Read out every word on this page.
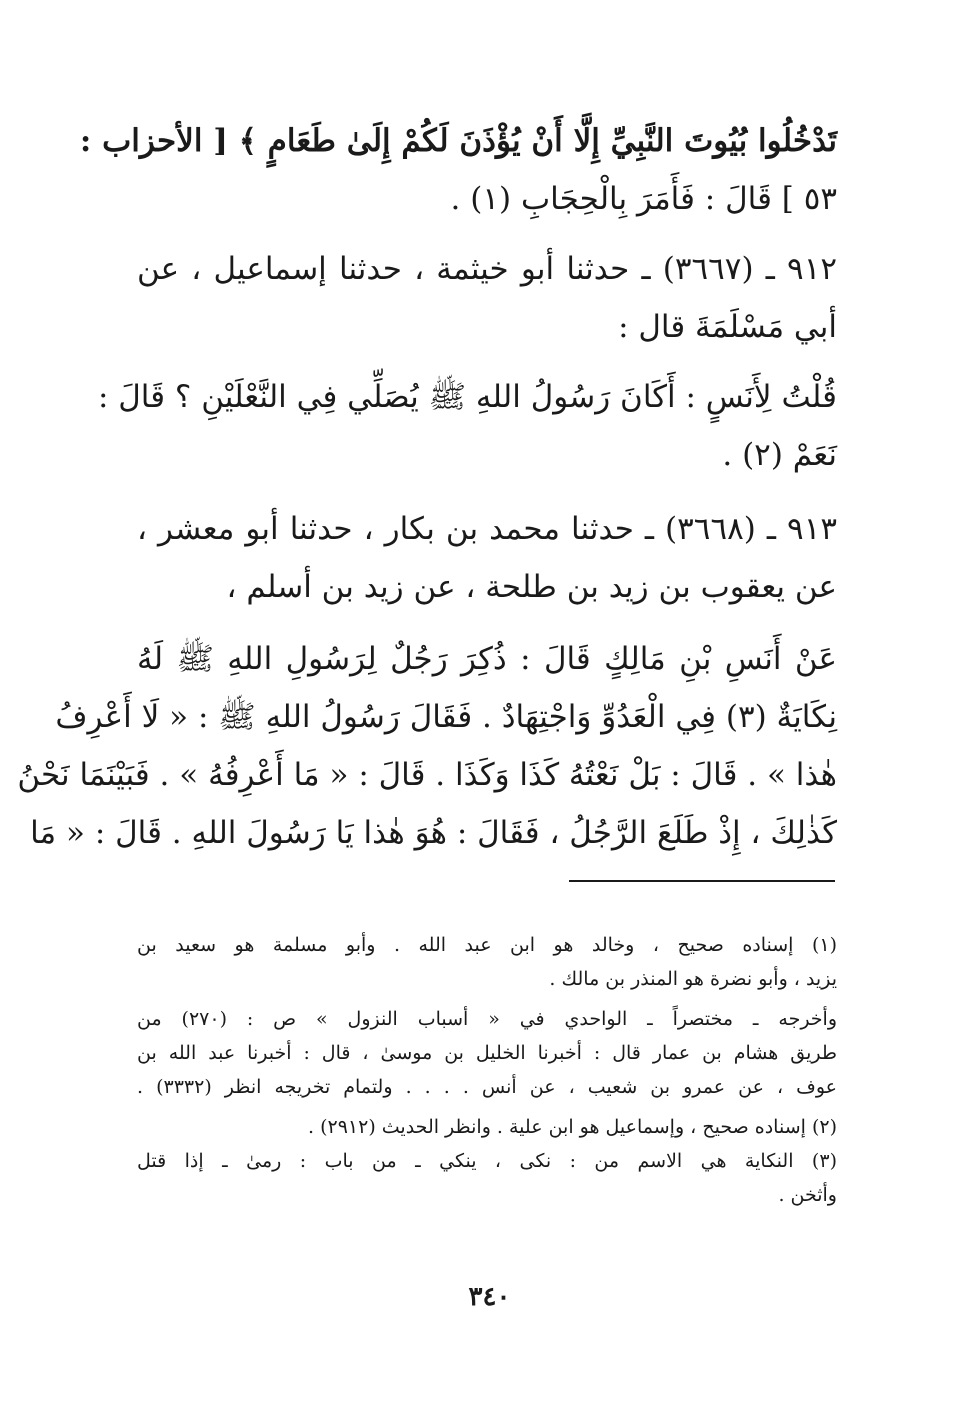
تَدْخُلُوا بُيُوتَ النَّبِيِّ إِلَّا أَنْ يُؤْذَنَ لَكُمْ إِلَىٰ طَعَامٍ ﴾ [ الأحزاب :
٥٣ ] قَالَ : فَأَمَرَ بِالْحِجَابِ (١) .
٩١٢ ـ (٣٦٦٧) ـ حدثنا أبو خيثمة ، حدثنا إسماعيل ، عن
أبي مَسْلَمَةَ قال :
قُلْتُ لِأَنَسٍ : أَكَانَ رَسُولُ اللهِ ﷺ يُصَلِّي فِي النَّعْلَيْنِ ؟ قَالَ :
نَعَمْ (٢) .
٩١٣ ـ (٣٦٦٨) ـ حدثنا محمد بن بكار ، حدثنا أبو معشر ،
عن يعقوب بن زيد بن طلحة ، عن زيد بن أسلم ،
عَنْ أَنَسِ بْنِ مَالِكٍ قَالَ : ذُكِرَ رَجُلٌ لِرَسُولِ اللهِ ﷺ لَهُ
نِكَايَةٌ (٣) فِي الْعَدُوِّ وَاجْتِهَادٌ . فَقَالَ رَسُولُ اللهِ ﷺ : « لَا أَعْرِفُ
هٰذا » . قَالَ : بَلْ نَعْتُهُ كَذَا وَكَذَا . قَالَ : « مَا أَعْرِفُهُ » . فَبَيْنَمَا نَحْنُ
كَذٰلِكَ ، إِذْ طَلَعَ الرَّجُلُ ، فَقَالَ : هُوَ هٰذا يَا رَسُولَ اللهِ . قَالَ : « مَا
(١) إسناده صحيح ، وخالد هو ابن عبد الله . وأبو مسلمة هو سعيد بن
يزيد ، وأبو نضرة هو المنذر بن مالك .
وأخرجه ـ مختصراً ـ الواحدي في « أسباب النزول » ص : (٢٧٠) من
طريق هشام بن عمار قال : أخبرنا الخليل بن موسىٰ ، قال : أخبرنا عبد الله بن
عوف ، عن عمرو بن شعيب ، عن أنس . . . . ولتمام تخريجه انظر (٣٣٣٢) .
(٢) إسناده صحيح ، وإسماعيل هو ابن علية . وانظر الحديث (٢٩١٢) .
(٣) النكاية هي الاسم من : نكى ، ينكي ـ من باب : رمىٰ ـ إذا قتل
وأثخن .
٣٤٠
